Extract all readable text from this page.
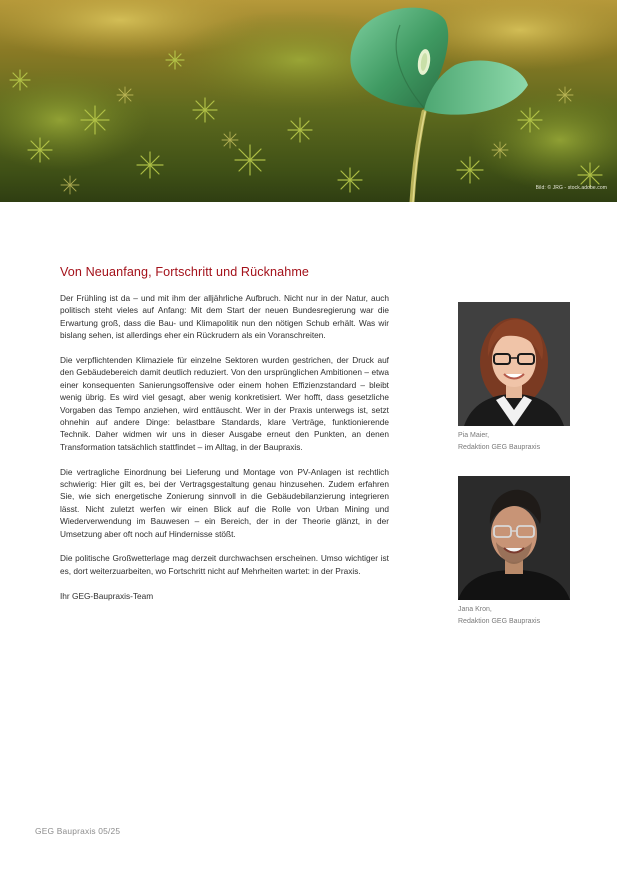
Bild: © JRG - stock.adobe.com
Von Neuanfang, Fortschritt und Rücknahme

Der Frühling ist da – und mit ihm der alljährliche Aufbruch. Nicht nur in der Natur, auch politisch steht vieles auf Anfang: Mit dem Start der neuen Bundesregierung war die Erwartung groß, dass die Bau- und Klimapolitik nun den nötigen Schub erhält. Was wir bislang sehen, ist allerdings eher ein Rückrudern als ein Voranschreiten.

Die verpflichtenden Klimaziele für einzelne Sektoren wurden gestrichen, der Druck auf den Gebäudebereich damit deutlich reduziert. Von den ursprünglichen Ambitionen – etwa einer konsequenten Sanierungsoffensive oder einem hohen Effizienzstandard – bleibt wenig übrig. Es wird viel gesagt, aber wenig konkretisiert. Wer hofft, dass gesetzliche Vorgaben das Tempo anziehen, wird enttäuscht. Wer in der Praxis unterwegs ist, setzt ohnehin auf andere Dinge: belastbare Standards, klare Verträge, funktionierende Technik. Daher widmen wir uns in dieser Ausgabe erneut den Punkten, an denen Transformation tatsächlich stattfindet – im Alltag, in der Baupraxis.

Die vertragliche Einordnung bei Lieferung und Montage von PV-Anlagen ist rechtlich schwierig: Hier gilt es, bei der Vertragsgestaltung genau hinzusehen. Zudem erfahren Sie, wie sich energetische Zonierung sinnvoll in die Gebäudebilanzierung integrieren lässt. Nicht zuletzt werfen wir einen Blick auf die Rolle von Urban Mining und Wiederverwendung im Bauwesen – ein Bereich, der in der Theorie glänzt, in der Umsetzung aber oft noch auf Hindernisse stößt.

Die politische Großwetterlage mag derzeit durchwachsen erscheinen. Umso wichtiger ist es, dort weiterzuarbeiten, wo Fortschritt nicht auf Mehrheiten wartet: in der Praxis.

Ihr GEG-Baupraxis-Team

Pia Maier,
Redaktion GEG Baupraxis
Jana Kron,
Redaktion GEG Baupraxis
GEG Baupraxis 05/25
